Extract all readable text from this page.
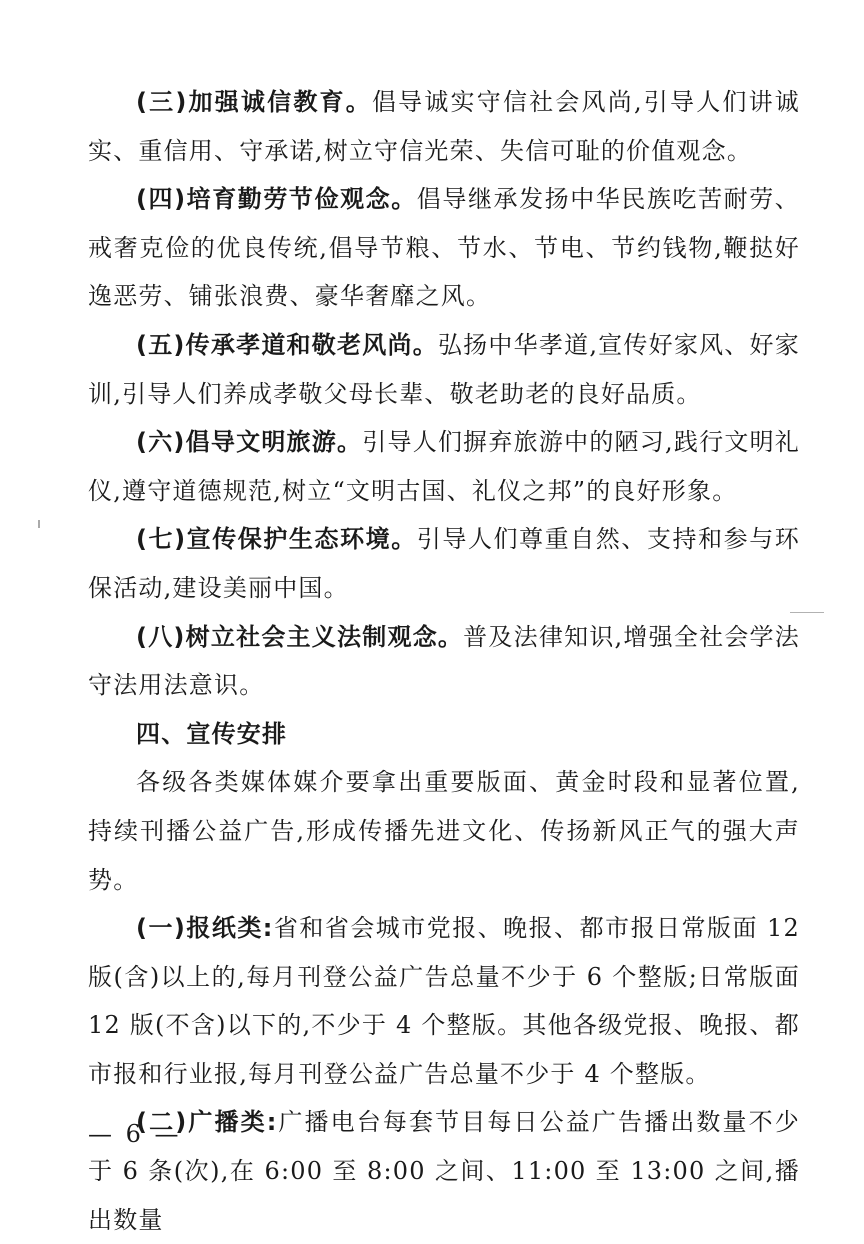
(三)加强诚信教育。倡导诚实守信社会风尚,引导人们讲诚实、重信用、守承诺,树立守信光荣、失信可耻的价值观念。

(四)培育勤劳节俭观念。倡导继承发扬中华民族吃苦耐劳、戒奢克俭的优良传统,倡导节粮、节水、节电、节约钱物,鞭挞好逸恶劳、铺张浪费、豪华奢靡之风。

(五)传承孝道和敬老风尚。弘扬中华孝道,宣传好家风、好家训,引导人们养成孝敬父母长辈、敬老助老的良好品质。

(六)倡导文明旅游。引导人们摒弃旅游中的陋习,践行文明礼仪,遵守道德规范,树立“文明古国、礼仪之邦”的良好形象。

(七)宣传保护生态环境。引导人们尊重自然、支持和参与环保活动,建设美丽中国。

(八)树立社会主义法制观念。普及法律知识,增强全社会学法守法用法意识。

四、宣传安排

各级各类媒体媒介要拿出重要版面、黄金时段和显著位置,持续刊播公益广告,形成传播先进文化、传扬新风正气的强大声势。

(一)报纸类:省和省会城市党报、晚报、都市报日常版面 12 版(含)以上的,每月刊登公益广告总量不少于 6 个整版;日常版面 12 版(不含)以下的,不少于 4 个整版。其他各级党报、晚报、都市报和行业报,每月刊登公益广告总量不少于 4 个整版。

(二)广播类:广播电台每套节目每日公益广告播出数量不少于 6 条(次),在 6:00 至 8:00 之间、11:00 至 13:00 之间,播出数量

— 6 —
